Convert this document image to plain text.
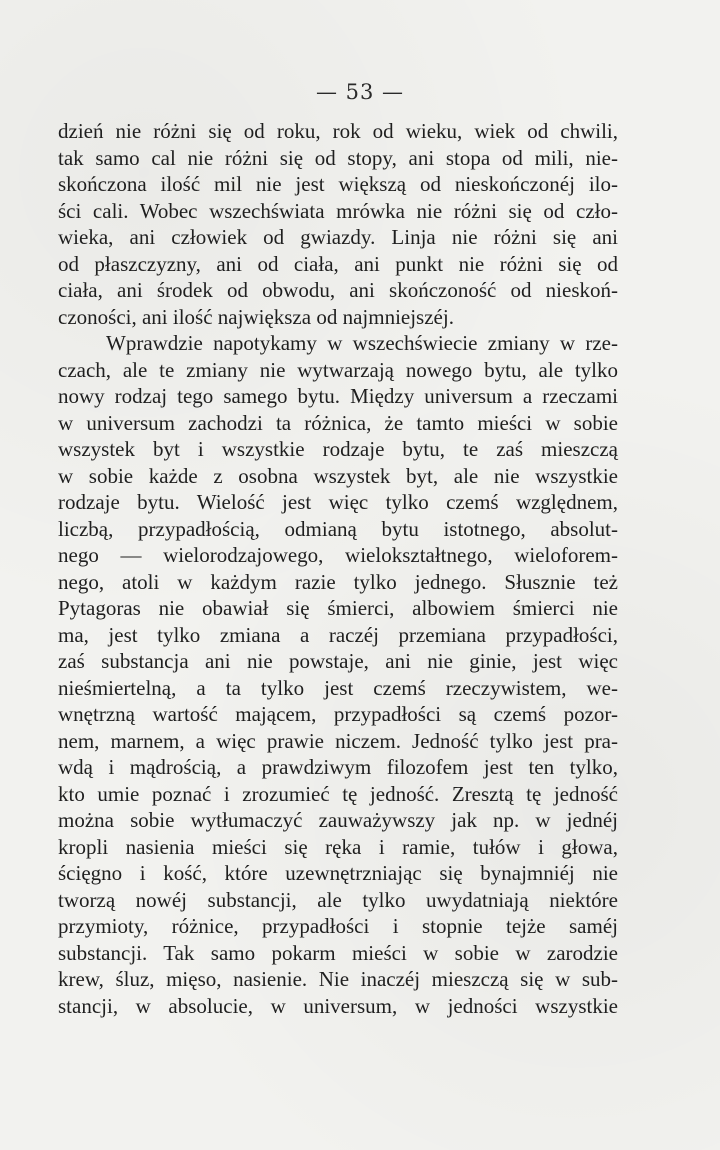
— 53 —
dzień nie różni się od roku, rok od wieku, wiek od chwili,
tak samo cal nie różni się od stopy, ani stopa od mili, nie-
skończona ilość mil nie jest większą od nieskończonéj ilo-
ści cali. Wobec wszechświata mrówka nie różni się od czło-
wieka, ani człowiek od gwiazdy. Linja nie różni się ani
od płaszczyzny, ani od ciała, ani punkt nie różni się od
ciała, ani środek od obwodu, ani skończoność od nieskoń-
czoności, ani ilość największa od najmniejszéj.
Wprawdzie napotykamy w wszechświecie zmiany w rze-
czach, ale te zmiany nie wytwarzają nowego bytu, ale tylko
nowy rodzaj tego samego bytu. Między universum a rzeczami
w universum zachodzi ta różnica, że tamto mieści w sobie
wszystek byt i wszystkie rodzaje bytu, te zaś mieszczą
w sobie każde z osobna wszystek byt, ale nie wszystkie
rodzaje bytu. Wielość jest więc tylko czemś względnem,
liczbą, przypadłością, odmianą bytu istotnego, absolut-
nego — wielorodzajowego, wielokształtnego, wieloforem-
nego, atoli w każdym razie tylko jednego. Słusznie też
Pytagoras nie obawiał się śmierci, albowiem śmierci nie
ma, jest tylko zmiana a raczéj przemiana przypadłości,
zaś substancja ani nie powstaje, ani nie ginie, jest więc
nieśmiertelną, a ta tylko jest czemś rzeczywistem, we-
wnętrzną wartość mającem, przypadłości są czemś pozor-
nem, marnem, a więc prawie niczem. Jedność tylko jest pra-
wdą i mądrością, a prawdziwym filozofem jest ten tylko,
kto umie poznać i zrozumieć tę jedność. Zresztą tę jedność
można sobie wytłumaczyć zauważywszy jak np. w jednéj
kropli nasienia mieści się ręka i ramie, tułów i głowa,
ścięgno i kość, które uzewnętrzniając się bynajmniéj nie
tworzą nowéj substancji, ale tylko uwydatniają niektóre
przymioty, różnice, przypadłości i stopnie tejże saméj
substancji. Tak samo pokarm mieści w sobie w zarodzie
krew, śluz, mięso, nasienie. Nie inaczéj mieszczą się w sub-
stancji, w absolucie, w universum, w jedności wszystkie
